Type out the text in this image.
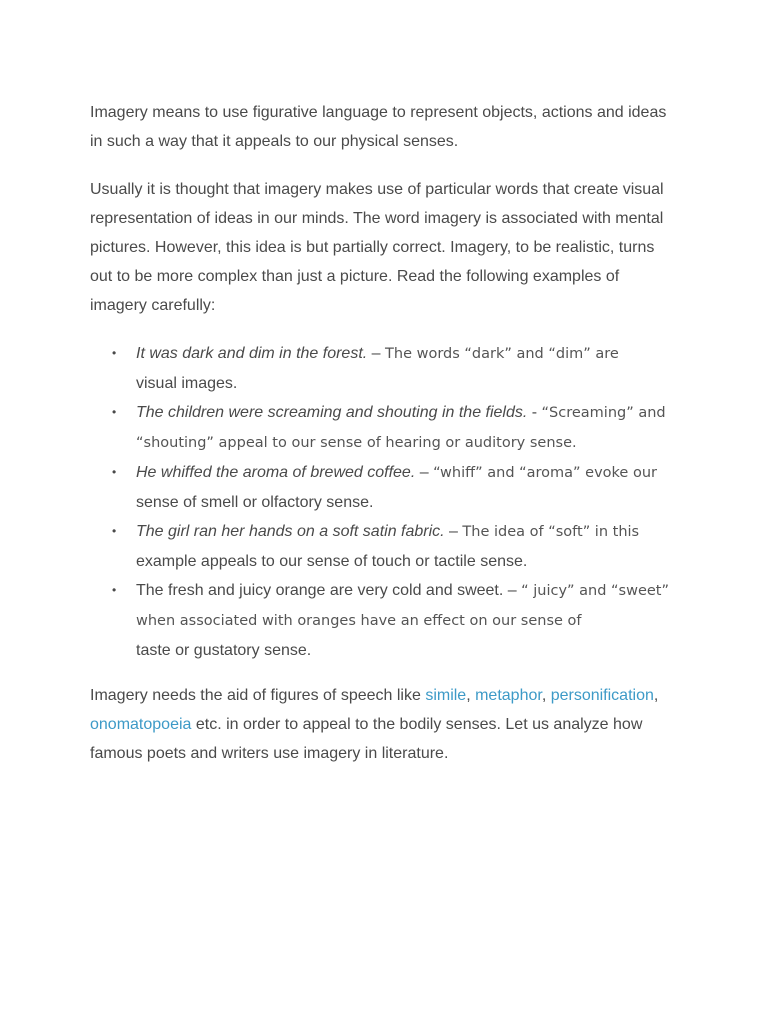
Imagery means to use figurative language to represent objects, actions and ideas in such a way that it appeals to our physical senses.

Usually it is thought that imagery makes use of particular words that create visual representation of ideas in our minds. The word imagery is associated with mental pictures. However, this idea is but partially correct. Imagery, to be realistic, turns out to be more complex than just a picture. Read the following examples of imagery carefully:

• It was dark and dim in the forest. – The words “dark” and “dim” are
visual images.
• The children were screaming and shouting in the fields. - “Screaming” and “shouting” appeal to our sense of hearing or auditory sense.
• He whiffed the aroma of brewed coffee. – “whiff” and “aroma” evoke our
sense of smell or olfactory sense.
• The girl ran her hands on a soft satin fabric. – The idea of “soft” in this
example appeals to our sense of touch or tactile sense.
• The fresh and juicy orange are very cold and sweet. – “ juicy” and “sweet” when associated with oranges have an effect on our sense of
taste or gustatory sense.

Imagery needs the aid of figures of speech like simile, metaphor, personification, onomatopoeia etc. in order to appeal to the bodily senses. Let us analyze how famous poets and writers use imagery in literature.
